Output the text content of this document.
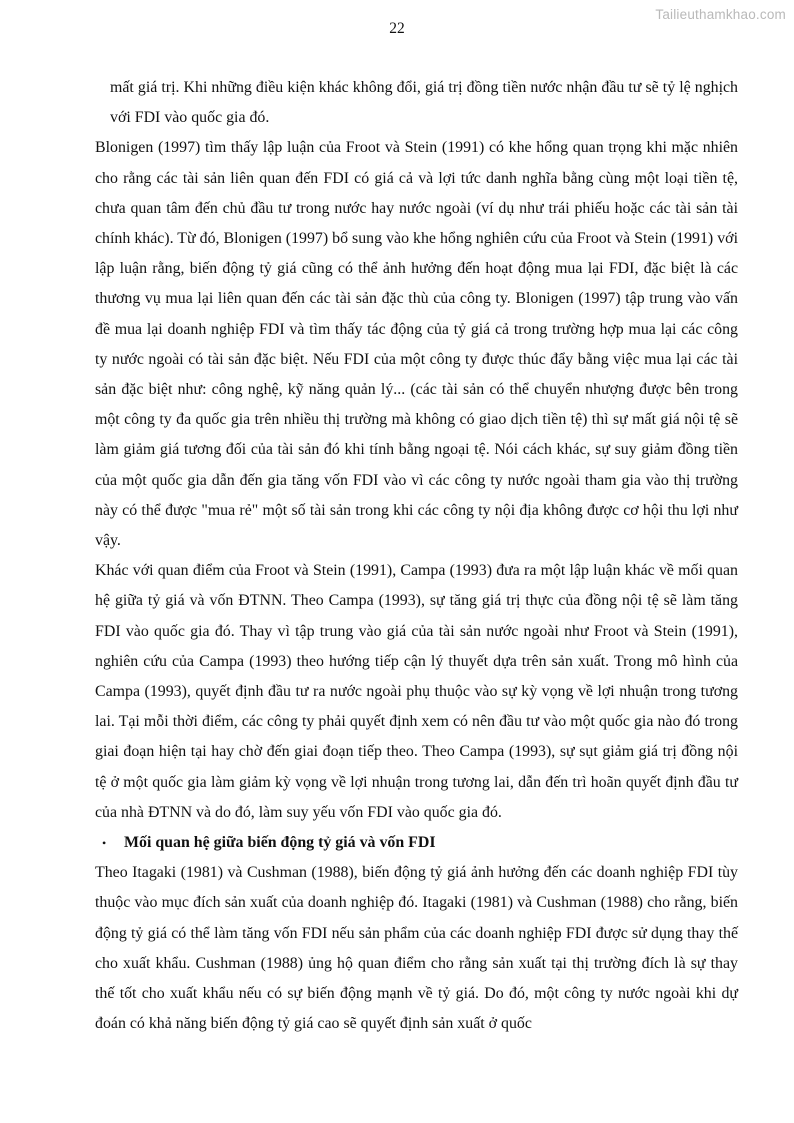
Tailieuthamkhao.com
22

mất giá trị. Khi những điều kiện khác không đổi, giá trị đồng tiền nước nhận đầu tư sẽ tỷ lệ nghịch với FDI vào quốc gia đó.

Blonigen (1997) tìm thấy lập luận của Froot và Stein (1991) có khe hổng quan trọng khi mặc nhiên cho rằng các tài sản liên quan đến FDI có giá cả và lợi tức danh nghĩa bằng cùng một loại tiền tệ, chưa quan tâm đến chủ đầu tư trong nước hay nước ngoài (ví dụ như trái phiếu hoặc các tài sản tài chính khác). Từ đó, Blonigen (1997) bổ sung vào khe hổng nghiên cứu của Froot và Stein (1991) với lập luận rằng, biến động tỷ giá cũng có thể ảnh hưởng đến hoạt động mua lại FDI, đặc biệt là các thương vụ mua lại liên quan đến các tài sản đặc thù của công ty. Blonigen (1997) tập trung vào vấn đề mua lại doanh nghiệp FDI và tìm thấy tác động của tỷ giá cả trong trường hợp mua lại các công ty nước ngoài có tài sản đặc biệt. Nếu FDI của một công ty được thúc đẩy bằng việc mua lại các tài sản đặc biệt như: công nghệ, kỹ năng quản lý... (các tài sản có thể chuyển nhượng được bên trong một công ty đa quốc gia trên nhiều thị trường mà không có giao dịch tiền tệ) thì sự mất giá nội tệ sẽ làm giảm giá tương đối của tài sản đó khi tính bằng ngoại tệ. Nói cách khác, sự suy giảm đồng tiền của một quốc gia dẫn đến gia tăng vốn FDI vào vì các công ty nước ngoài tham gia vào thị trường này có thể được "mua rẻ" một số tài sản trong khi các công ty nội địa không được cơ hội thu lợi như vậy.

Khác với quan điểm của Froot và Stein (1991), Campa (1993) đưa ra một lập luận khác về mối quan hệ giữa tỷ giá và vốn ĐTNN. Theo Campa (1993), sự tăng giá trị thực của đồng nội tệ sẽ làm tăng FDI vào quốc gia đó. Thay vì tập trung vào giá của tài sản nước ngoài như Froot và Stein (1991), nghiên cứu của Campa (1993) theo hướng tiếp cận lý thuyết dựa trên sản xuất. Trong mô hình của Campa (1993), quyết định đầu tư ra nước ngoài phụ thuộc vào sự kỳ vọng về lợi nhuận trong tương lai. Tại mỗi thời điểm, các công ty phải quyết định xem có nên đầu tư vào một quốc gia nào đó trong giai đoạn hiện tại hay chờ đến giai đoạn tiếp theo. Theo Campa (1993), sự sụt giảm giá trị đồng nội tệ ở một quốc gia làm giảm kỳ vọng về lợi nhuận trong tương lai, dẫn đến trì hoãn quyết định đầu tư của nhà ĐTNN và do đó, làm suy yếu vốn FDI vào quốc gia đó.

• Mối quan hệ giữa biến động tỷ giá và vốn FDI

Theo Itagaki (1981) và Cushman (1988), biến động tỷ giá ảnh hưởng đến các doanh nghiệp FDI tùy thuộc vào mục đích sản xuất của doanh nghiệp đó. Itagaki (1981) và Cushman (1988) cho rằng, biến động tỷ giá có thể làm tăng vốn FDI nếu sản phẩm của các doanh nghiệp FDI được sử dụng thay thế cho xuất khẩu. Cushman (1988) ủng hộ quan điểm cho rằng sản xuất tại thị trường đích là sự thay thế tốt cho xuất khẩu nếu có sự biến động mạnh về tỷ giá. Do đó, một công ty nước ngoài khi dự đoán có khả năng biến động tỷ giá cao sẽ quyết định sản xuất ở quốc
